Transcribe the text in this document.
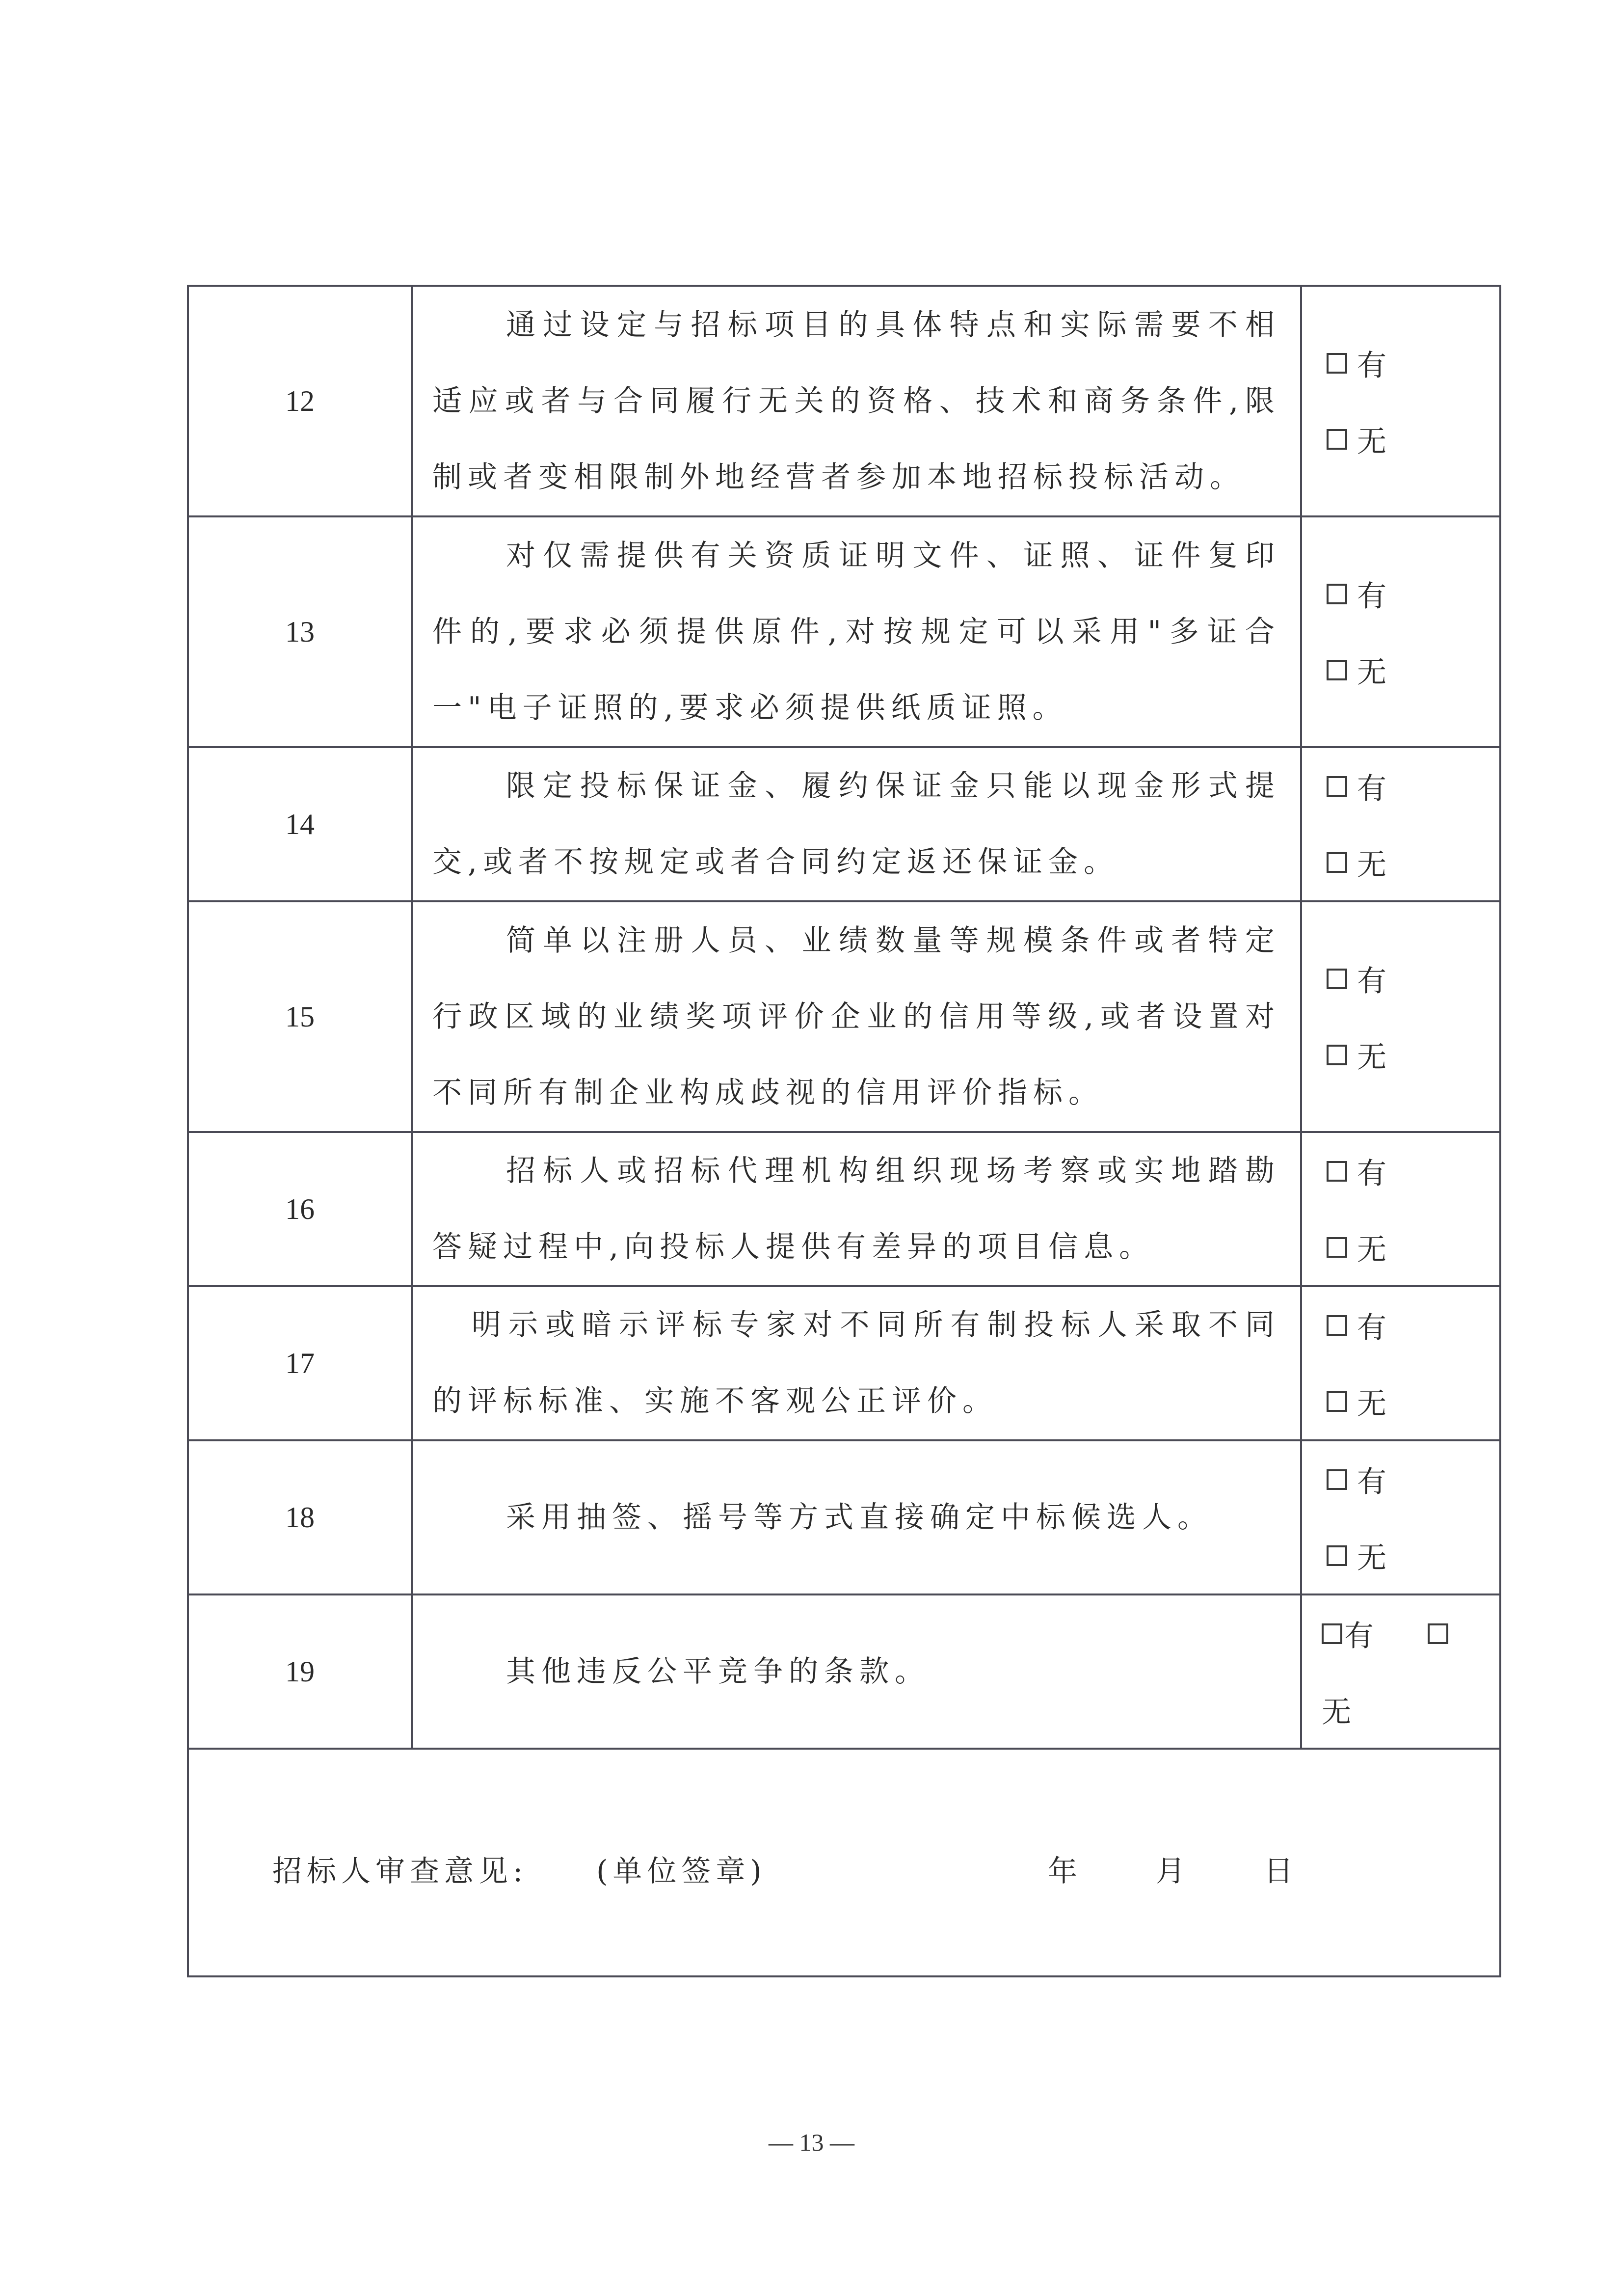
12	通过设定与招标项目的具体特点和实际需要不相适应或者与合同履行无关的资格、技术和商务条件,限制或者变相限制外地经营者参加本地招标投标活动。	有
无

13	对仅需提供有关资质证明文件、证照、证件复印件的,要求必须提供原件,对按规定可以采用"多证合一"电子证照的,要求必须提供纸质证照。	有
无

14	限定投标保证金、履约保证金只能以现金形式提交,或者不按规定或者合同约定返还保证金。	有
无

15	简单以注册人员、业绩数量等规模条件或者特定行政区域的业绩奖项评价企业的信用等级,或者设置对不同所有制企业构成歧视的信用评价指标。	有
无

16	招标人或招标代理机构组织现场考察或实地踏勘答疑过程中,向投标人提供有差异的项目信息。	有
无

17	明示或暗示评标专家对不同所有制投标人采取不同的评标标准、实施不客观公正评价。	有
无

18	采用抽签、摇号等方式直接确定中标候选人。	有
无

19	其他违反公平竞争的条款。	有
无

招标人审查意见: (单位签章) 年 月 日		
— 13 —
